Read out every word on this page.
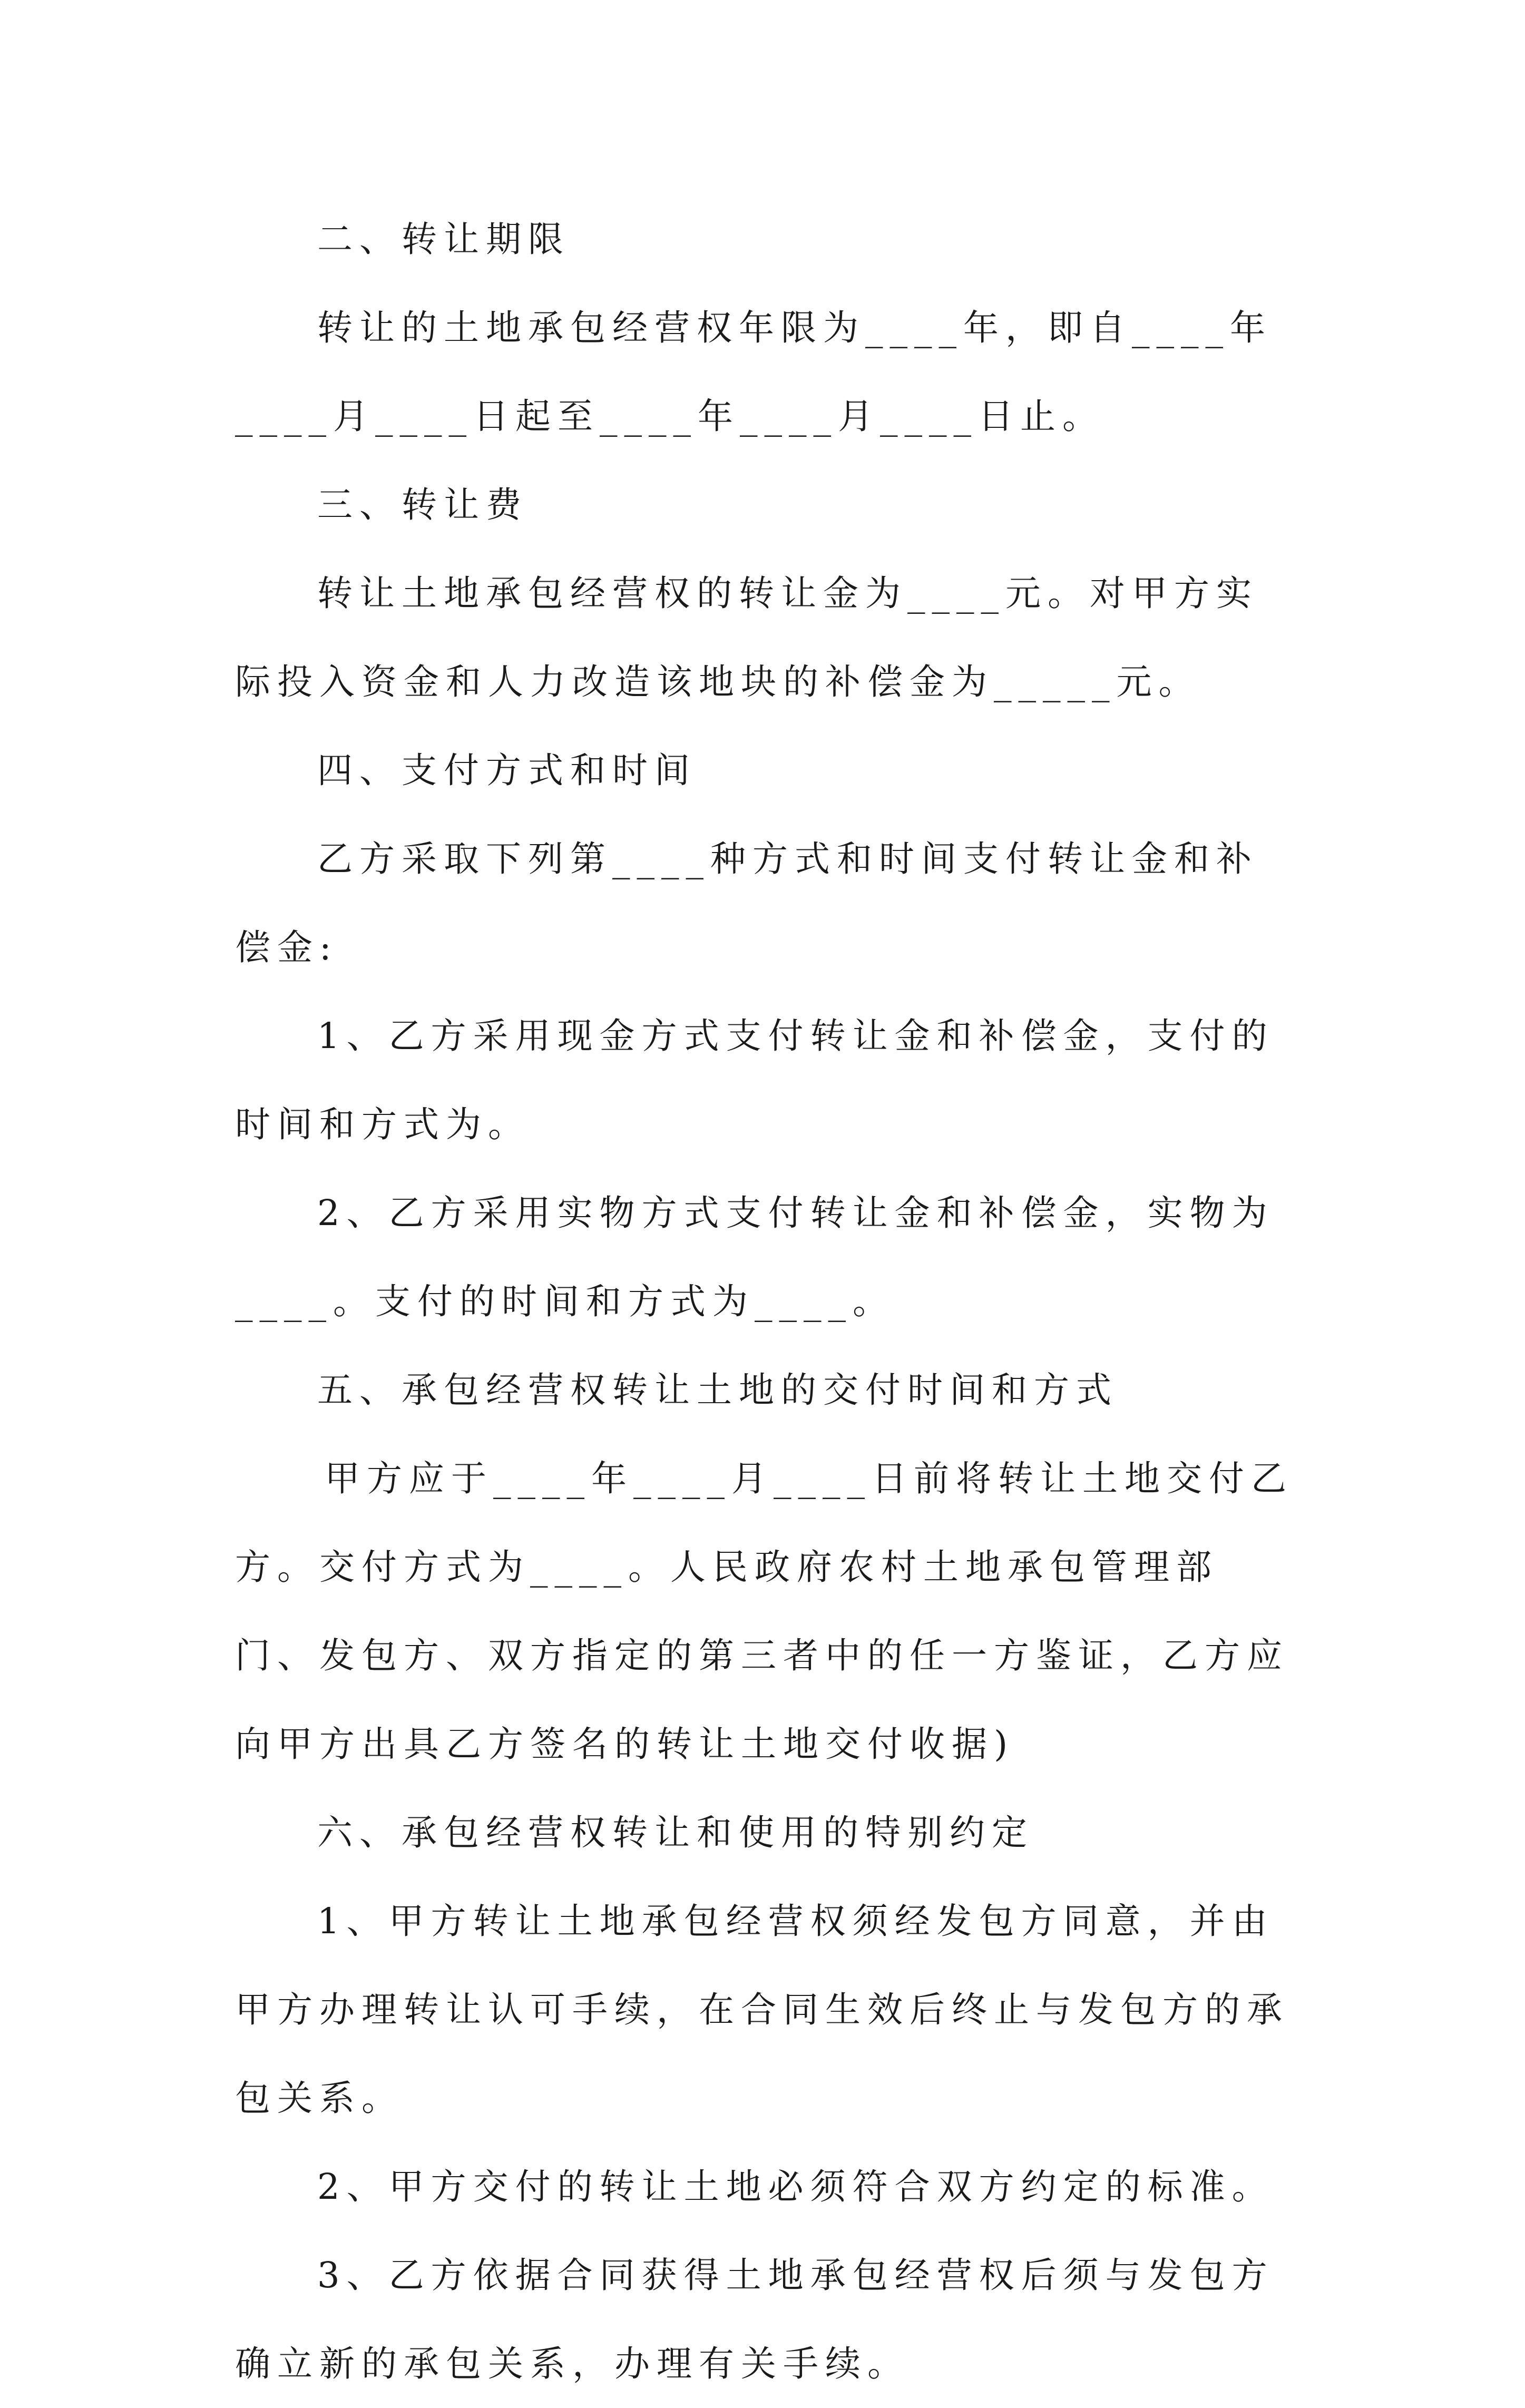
二、转让期限

转让的土地承包经营权年限为____年，即自____年____月____日起至____年____月____日止。

三、转让费

转让土地承包经营权的转让金为____元。对甲方实际投入资金和人力改造该地块的补偿金为_____元。

四、支付方式和时间

乙方采取下列第____种方式和时间支付转让金和补偿金:

1、乙方采用现金方式支付转让金和补偿金，支付的时间和方式为。

2、乙方采用实物方式支付转让金和补偿金，实物为____。支付的时间和方式为____。

五、承包经营权转让土地的交付时间和方式

甲方应于____年____月____日前将转让土地交付乙方。交付方式为____。人民政府农村土地承包管理部门、发包方、双方指定的第三者中的任一方鉴证，乙方应向甲方出具乙方签名的转让土地交付收据)

六、承包经营权转让和使用的特别约定

1、甲方转让土地承包经营权须经发包方同意，并由甲方办理转让认可手续，在合同生效后终止与发包方的承包关系。

2、甲方交付的转让土地必须符合双方约定的标准。

3、乙方依据合同获得土地承包经营权后须与发包方确立新的承包关系，办理有关手续。
